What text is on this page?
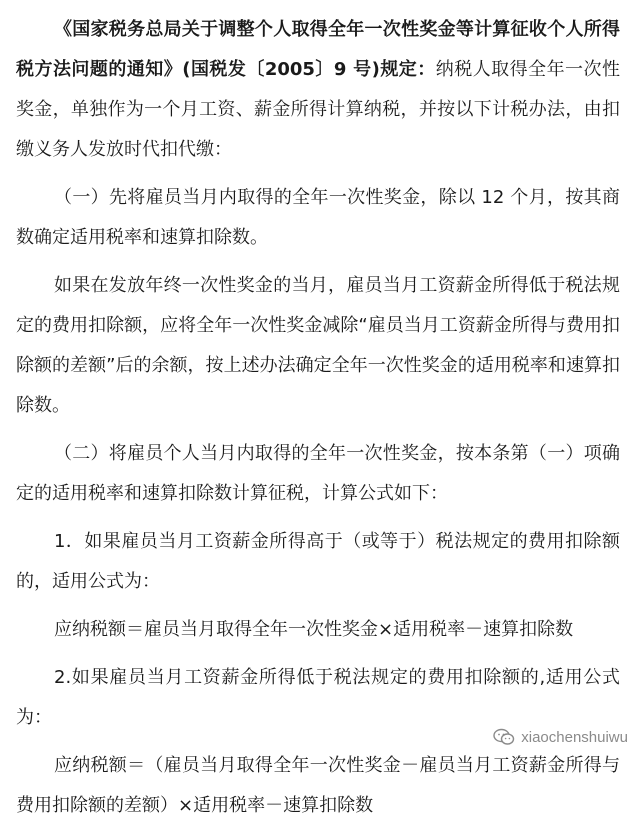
《国家税务总局关于调整个人取得全年一次性奖金等计算征收个人所得税方法问题的通知》(国税发〔2005〕9 号)规定：纳税人取得全年一次性奖金，单独作为一个月工资、薪金所得计算纳税，并按以下计税办法，由扣缴义务人发放时代扣代缴：

（一）先将雇员当月内取得的全年一次性奖金，除以 12 个月，按其商数确定适用税率和速算扣除数。

如果在发放年终一次性奖金的当月，雇员当月工资薪金所得低于税法规定的费用扣除额，应将全年一次性奖金减除“雇员当月工资薪金所得与费用扣除额的差额”后的余额，按上述办法确定全年一次性奖金的适用税率和速算扣除数。

（二）将雇员个人当月内取得的全年一次性奖金，按本条第（一）项确定的适用税率和速算扣除数计算征税，计算公式如下：

1．如果雇员当月工资薪金所得高于（或等于）税法规定的费用扣除额的，适用公式为：

应纳税额＝雇员当月取得全年一次性奖金×适用税率－速算扣除数

2.如果雇员当月工资薪金所得低于税法规定的费用扣除额的,适用公式为：

应纳税额＝（雇员当月取得全年一次性奖金－雇员当月工资薪金所得与费用扣除额的差额）×适用税率－速算扣除数

xiaochenshuiwu
